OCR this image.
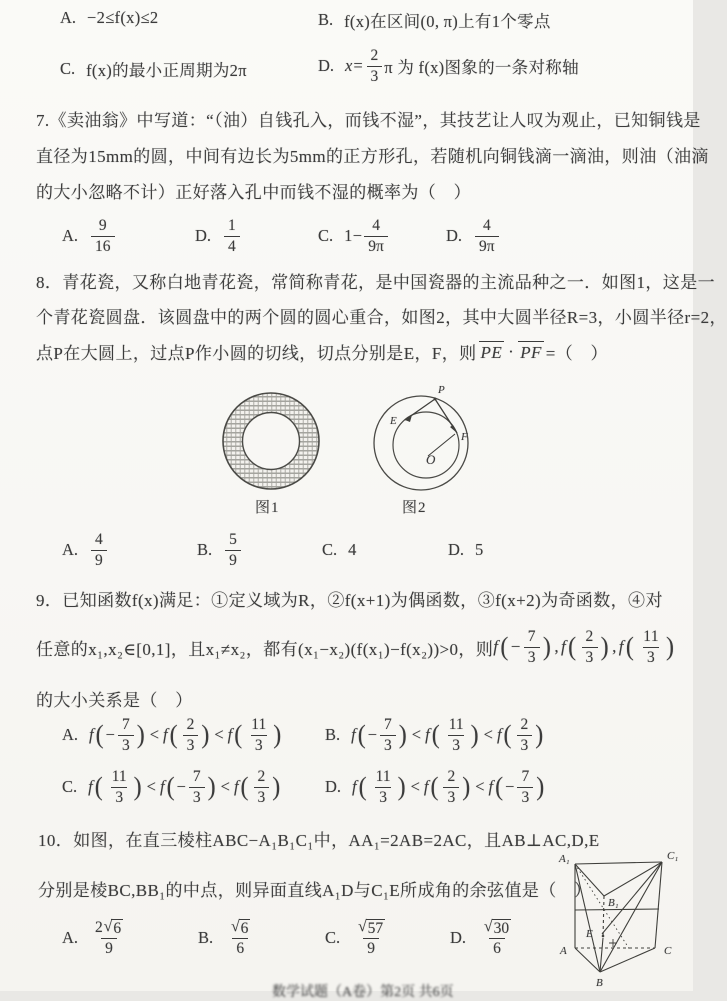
A. −2≤f(x)≤2	B. f(x)在区间(0, π)上有1个零点
C. f(x)的最小正周期为2π	D. $x= \frac{2}{3}$ π 为 f(x)图象的一条对称轴
7.《卖油翁》中写道：“（油）自钱孔入，而钱不湿”，其技艺让人叹为观止，已知铜钱是
直径为15mm的圆，中间有边长为5mm的正方形孔，若随机向铜钱滴一滴油，则油（油滴
的大小忽略不计）正好落入孔中而钱不湿的概率为（　）
A. $\frac{9}{16}$	D. $\frac{1}{4}$	C. $1- \frac{4}{9\pi}$	D. $\frac{4}{9\pi}$
8．青花瓷，又称白地青花瓷，常简称青花，是中国瓷器的主流品种之一．如图1，这是一
个青花瓷圆盘．该圆盘中的两个圆的圆心重合，如图2，其中大圆半径R=3，小圆半径r=2，
点P在大圆上，过点P作小圆的切线，切点分别是E，F，则 PE · PF =（　）
图1
P
E
F
O
图2
A. $\frac{4}{9}$	B. $\frac{5}{9}$	C. 4	D. 5
9．已知函数f(x)满足：①定义域为R，②f(x+1)为偶函数，③f(x+2)为奇函数，④对
任意的x₁,x₂∈[0,1]，且x₁≠x₂，都有(x₁−x₂)(f(x₁)−f(x₂))>0，则 f ( − $\frac{7}{3}$ ) , f ( $\frac{2}{3}$ ) , f ( $\frac{11}{3}$ )
的大小关系是（　）
A. f ( − $\frac{7}{3}$ ) < f ( $\frac{2}{3}$ ) < f ( $\frac{11}{3}$ )	B. f ( − $\frac{7}{3}$ ) < f ( $\frac{11}{3}$ ) < f ( $\frac{2}{3}$ )
C. f ( $\frac{11}{3}$ ) < f ( − $\frac{7}{3}$ ) < f ( $\frac{2}{3}$ )	D. f ( $\frac{11}{3}$ ) < f ( $\frac{2}{3}$ ) < f ( − $\frac{7}{3}$ )
10．如图，在直三棱柱ABC−A₁B₁C₁中，AA₁=2AB=2AC，且AB⊥AC,D,E
分别是棱BC,BB₁的中点，则异面直线A₁D与C₁E所成角的余弦值是（　）
A₁	C₁
B₁
E
A	C
B
A. $\frac{2 √ 6}{9}$	B. $\frac{√ 6}{6}$	C. $\frac{√ 57}{9}$	D. $\frac{√ 30}{6}$
数学试题（A卷）第2页 共6页
